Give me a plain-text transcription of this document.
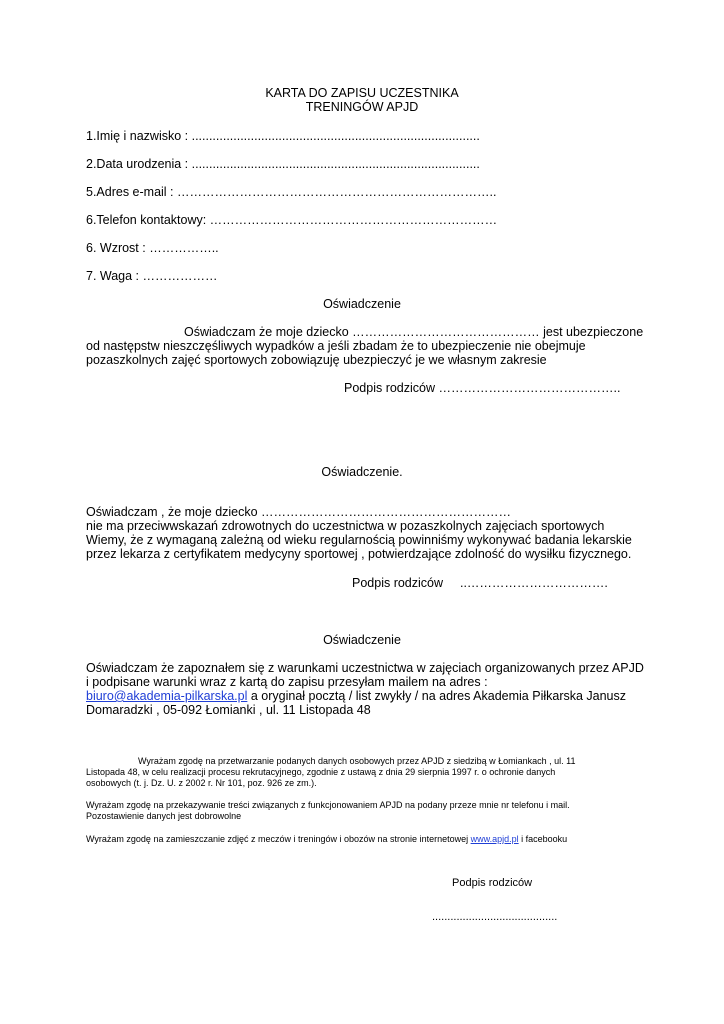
KARTA DO ZAPISU UCZESTNIKA
TRENINGÓW APJD
1.Imię i nazwisko : ...................................................................................
2.Data urodzenia : ...................................................................................
5.Adres e-mail : …………………………………………………………………..
6.Telefon kontaktowy: ……………………………………………………………
6. Wzrost : ……………..
7. Waga : ………………
Oświadczenie
Oświadczam że moje dziecko ……………………………………… jest ubezpieczone
od następstw nieszczęśliwych wypadków a jeśli zbadam że to ubezpieczenie nie obejmuje
pozaszkolnych zajęć sportowych zobowiązuję ubezpieczyć je we własnym zakresie
Podpis rodziców ……………………………………..
Oświadczenie.
Oświadczam , że moje dziecko ……………………………………………………
nie ma przeciwwskazań zdrowotnych do uczestnictwa w pozaszkolnych zajęciach sportowych
Wiemy, że z wymaganą zależną od wieku regularnością powinniśmy wykonywać badania lekarskie
przez lekarza z certyfikatem medycyny sportowej , potwierdzające zdolność do wysiłku fizycznego.
Podpis rodziców ..…………………………….
Oświadczenie
Oświadczam że zapoznałem się z warunkami uczestnictwa w zajęciach organizowanych przez APJD
i podpisane warunki wraz z kartą do zapisu przesyłam mailem na adres :
biuro@akademia-pilkarska.pl a oryginał pocztą / list zwykły / na adres Akademia Piłkarska Janusz
Domaradzki , 05-092 Łomianki , ul. 11 Listopada 48
Wyrażam zgodę na przetwarzanie podanych danych osobowych przez APJD z siedzibą w Łomiankach , ul. 11
Listopada 48, w celu realizacji procesu rekrutacyjnego, zgodnie z ustawą z dnia 29 sierpnia 1997 r. o ochronie danych
osobowych (t. j. Dz. U. z 2002 r. Nr 101, poz. 926 ze zm.).
Wyrażam zgodę na przekazywanie treści związanych z funkcjonowaniem APJD na podany przeze mnie nr telefonu i mail.
Pozostawienie danych jest dobrowolne
Wyrażam zgodę na zamieszczanie zdjęć z meczów i treningów i obozów na stronie internetowej www.apjd.pl i facebooku
Podpis rodziców
.........................................
